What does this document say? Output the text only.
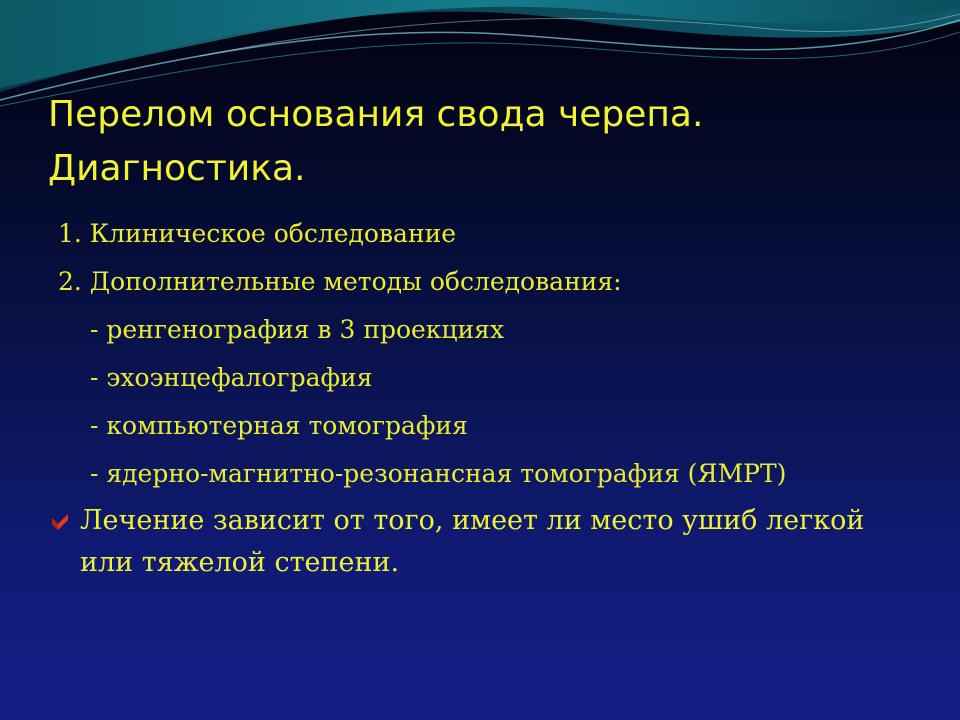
Перелом основания свода черепа.
Диагностика.
1. Клиническое обследование
2. Дополнительные методы обследования:
- ренгенография в 3 проекциях
- эхоэнцефалография
- компьютерная томография
- ядерно-магнитно-резонансная томография (ЯМРТ)
Лечение зависит от того, имеет ли место ушиб легкой или тяжелой степени.
